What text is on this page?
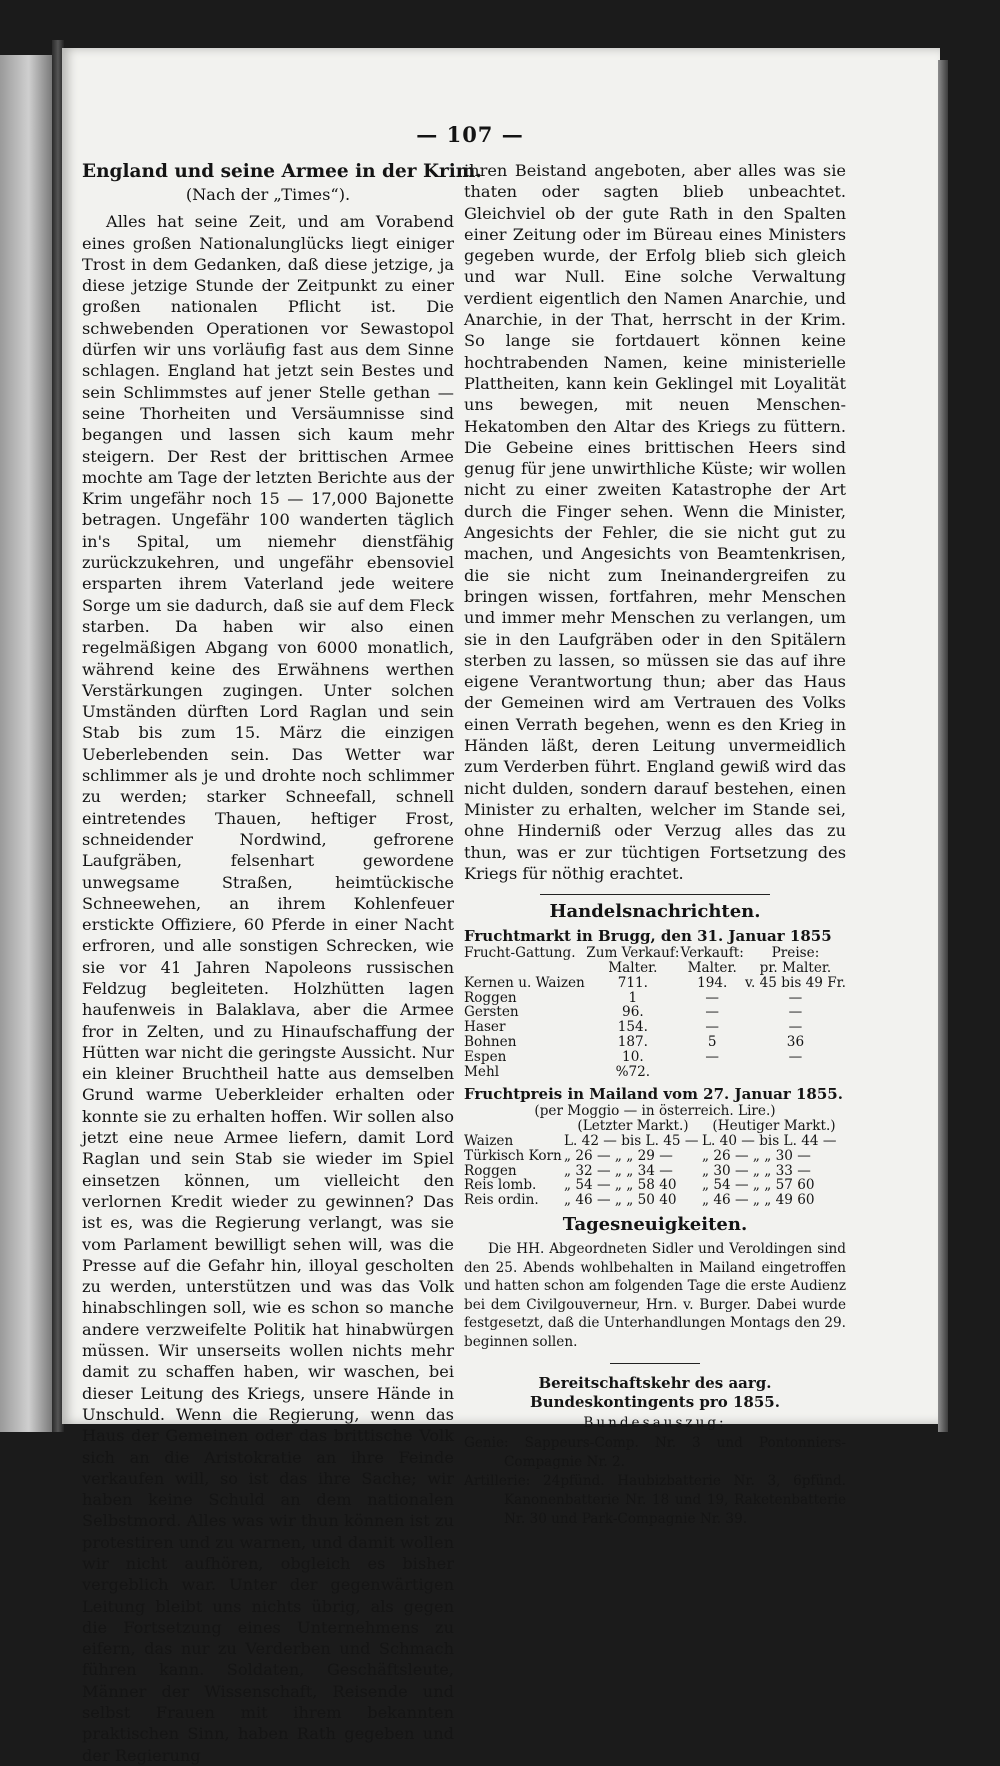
— 107 —
England und seine Armee in der Krim.
(Nach der „Times“).

Alles hat seine Zeit, und am Vorabend eines großen Nationalunglücks liegt einiger Trost in dem Gedanken, daß diese jetzige, ja diese jetzige Stunde der Zeitpunkt zu einer großen nationalen Pflicht ist. Die schwebenden Operationen vor Sewastopol dürfen wir uns vorläufig fast aus dem Sinne schlagen. England hat jetzt sein Bestes und sein Schlimmstes auf jener Stelle gethan — seine Thorheiten und Versäumnisse sind begangen und lassen sich kaum mehr steigern. Der Rest der brittischen Armee mochte am Tage der letzten Berichte aus der Krim ungefähr noch 15 — 17,000 Bajonette betragen. Ungefähr 100 wanderten täglich in's Spital, um niemehr dienstfähig zurückzukehren, und ungefähr ebensoviel ersparten ihrem Vaterland jede weitere Sorge um sie dadurch, daß sie auf dem Fleck starben. Da haben wir also einen regelmäßigen Abgang von 6000 monatlich, während keine des Erwähnens werthen Verstärkungen zugingen. Unter solchen Umständen dürften Lord Raglan und sein Stab bis zum 15. März die einzigen Ueberlebenden sein. Das Wetter war schlimmer als je und drohte noch schlimmer zu werden; starker Schneefall, schnell eintretendes Thauen, heftiger Frost, schneidender Nordwind, gefrorene Laufgräben, felsenhart gewordene unwegsame Straßen, heimtückische Schneewehen, an ihrem Kohlenfeuer erstickte Offiziere, 60 Pferde in einer Nacht erfroren, und alle sonstigen Schrecken, wie sie vor 41 Jahren Napoleons russischen Feldzug begleiteten. Holzhütten lagen haufenweis in Balaklava, aber die Armee fror in Zelten, und zu Hinaufschaffung der Hütten war nicht die geringste Aussicht. Nur ein kleiner Bruchtheil hatte aus demselben Grund warme Ueberkleider erhalten oder konnte sie zu erhalten hoffen. Wir sollen also jetzt eine neue Armee liefern, damit Lord Raglan und sein Stab sie wieder im Spiel einsetzen können, um vielleicht den verlornen Kredit wieder zu gewinnen? Das ist es, was die Regierung verlangt, was sie vom Parlament bewilligt sehen will, was die Presse auf die Gefahr hin, illoyal gescholten zu werden, unterstützen und was das Volk hinabschlingen soll, wie es schon so manche andere verzweifelte Politik hat hinabwürgen müssen. Wir unserseits wollen nichts mehr damit zu schaffen haben, wir waschen, bei dieser Leitung des Kriegs, unsere Hände in Unschuld. Wenn die Regierung, wenn das Haus der Gemeinen oder das brittische Volk sich an die Aristokratie an ihre Feinde verkaufen will, so ist das ihre Sache; wir haben keine Schuld an dem nationalen Selbstmord. Alles was wir thun können ist zu protestiren und zu warnen, und damit wollen wir nicht aufhören, obgleich es bisher vergeblich war. Unter der gegenwärtigen Leitung bleibt uns nichts übrig, als gegen die Fortsetzung eines Unternehmens zu eifern, das nur zu Verderben und Schmach führen kann. Soldaten, Geschäftsleute, Männer der Wissenschaft, Reisende und selbst Frauen mit ihrem bekannten praktischen Sinn, haben Rath gegeben und der Regierung

ihren Beistand angeboten, aber alles was sie thaten oder sagten blieb unbeachtet. Gleichviel ob der gute Rath in den Spalten einer Zeitung oder im Büreau eines Ministers gegeben wurde, der Erfolg blieb sich gleich und war Null. Eine solche Verwaltung verdient eigentlich den Namen Anarchie, und Anarchie, in der That, herrscht in der Krim. So lange sie fortdauert können keine hochtrabenden Namen, keine ministerielle Plattheiten, kann kein Geklingel mit Loyalität uns bewegen, mit neuen Menschen-Hekatomben den Altar des Kriegs zu füttern. Die Gebeine eines brittischen Heers sind genug für jene unwirthliche Küste; wir wollen nicht zu einer zweiten Katastrophe der Art durch die Finger sehen. Wenn die Minister, Angesichts der Fehler, die sie nicht gut zu machen, und Angesichts von Beamtenkrisen, die sie nicht zum Ineinandergreifen zu bringen wissen, fortfahren, mehr Menschen und immer mehr Menschen zu verlangen, um sie in den Laufgräben oder in den Spitälern sterben zu lassen, so müssen sie das auf ihre eigene Verantwortung thun; aber das Haus der Gemeinen wird am Vertrauen des Volks einen Verrath begehen, wenn es den Krieg in Händen läßt, deren Leitung unvermeidlich zum Verderben führt. England gewiß wird das nicht dulden, sondern darauf bestehen, einen Minister zu erhalten, welcher im Stande sei, ohne Hinderniß oder Verzug alles das zu thun, was er zur tüchtigen Fortsetzung des Kriegs für nöthig erachtet.

Handelsnachrichten.
Fruchtmarkt in Brugg, den 31. Januar 1855
Frucht-Gattung.	Zum Verkauf:	Verkauft:	Preise:
	Malter.	Malter.	pr. Malter.
Kernen u. Waizen	711.	194.	v. 45 bis 49 Fr.
Roggen	1	—	—
Gersten	96.	—	—
Haser	154.	—	—
Bohnen	187.	5	36
Espen	10.	—	—
Mehl	%72.		
Fruchtpreis in Mailand vom 27. Januar 1855.
(per Moggio — in österreich. Lire.)
	(Letzter Markt.)	(Heutiger Markt.)
Waizen	L. 42 — bis L. 45 —	L. 40 — bis L. 44 —
Türkisch Korn	„ 26 — „ „ 29 —	„ 26 — „ „ 30 —
Roggen	„ 32 — „ „ 34 —	„ 30 — „ „ 33 —
Reis lomb.	„ 54 — „ „ 58 40	„ 54 — „ „ 57 60
Reis ordin.	„ 46 — „ „ 50 40	„ 46 — „ „ 49 60
Tagesneuigkeiten.

Die HH. Abgeordneten Sidler und Veroldingen sind den 25. Abends wohlbehalten in Mailand eingetroffen und hatten schon am folgenden Tage die erste Audienz bei dem Civilgouverneur, Hrn. v. Burger. Dabei wurde festgesetzt, daß die Unterhandlungen Montags den 29. beginnen sollen.

Bereitschaftskehr des aarg. Bundeskontingents pro 1855.
Bundesauszug:

Genie: Sappeurs-Comp. Nr. 3 und Pontonniers-Compagnie Nr. 2.

Artillerie: 24pfünd. Haubizbatterie Nr. 3, 6pfünd. Kanonenbatterie Nr. 18 und 19, Raketenbatterie Nr. 30 und Park-Compagnie Nr. 39.
